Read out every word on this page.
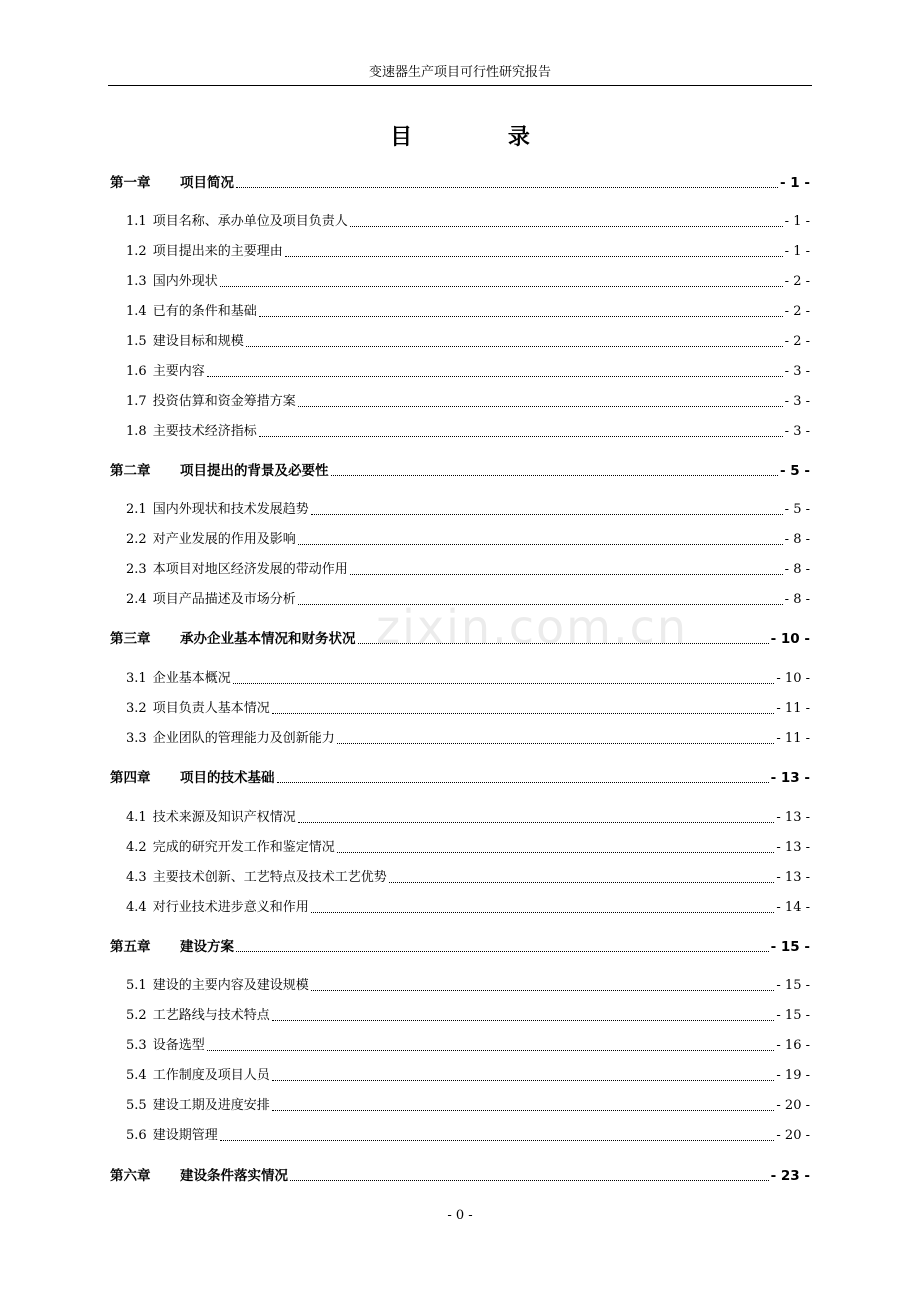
变速器生产项目可行性研究报告
目 录
zixin.com.cn
第一章	项目简况	- 1 -
1.1 项目名称、承办单位及项目负责人	- 1 -
1.2 项目提出来的主要理由	- 1 -
1.3 国内外现状	- 2 -
1.4 已有的条件和基础	- 2 -
1.5 建设目标和规模	- 2 -
1.6 主要内容	- 3 -
1.7 投资估算和资金筹措方案	- 3 -
1.8 主要技术经济指标	- 3 -
第二章	项目提出的背景及必要性	- 5 -
2.1 国内外现状和技术发展趋势	- 5 -
2.2 对产业发展的作用及影响	- 8 -
2.3 本项目对地区经济发展的带动作用	- 8 -
2.4 项目产品描述及市场分析	- 8 -
第三章	承办企业基本情况和财务状况	- 10 -
3.1 企业基本概况	- 10 -
3.2 项目负责人基本情况	- 11 -
3.3 企业团队的管理能力及创新能力	- 11 -
第四章	项目的技术基础	- 13 -
4.1 技术来源及知识产权情况	- 13 -
4.2 完成的研究开发工作和鉴定情况	- 13 -
4.3 主要技术创新、工艺特点及技术工艺优势	- 13 -
4.4 对行业技术进步意义和作用	- 14 -
第五章	建设方案	- 15 -
5.1 建设的主要内容及建设规模	- 15 -
5.2 工艺路线与技术特点	- 15 -
5.3 设备选型	- 16 -
5.4 工作制度及项目人员	- 19 -
5.5 建设工期及进度安排	- 20 -
5.6 建设期管理	- 20 -
第六章	建设条件落实情况	- 23 -
- 0 -
